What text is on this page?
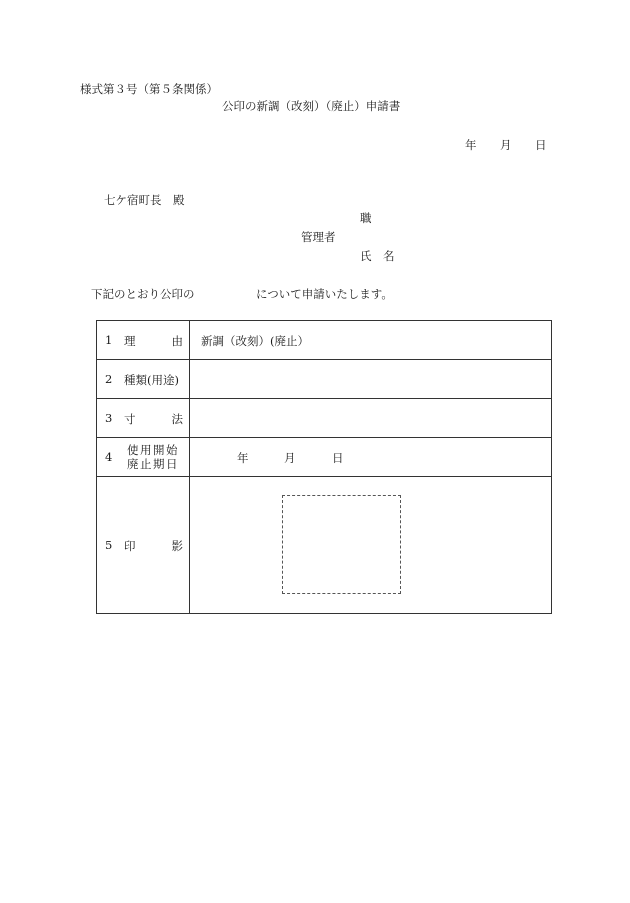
様式第３号（第５条関係）
公印の新調（改刻）（廃止）申請書
年 月 日
七ケ宿町長　殿
職
管理者
氏　名
下記のとおり公印の	について申請いたします。
1 理 由	新調（改刻）(廃止）

2 種類(用途)	

3 寸 法	

4 使用開始
廃止期日	年 月 日

5 印 影	
